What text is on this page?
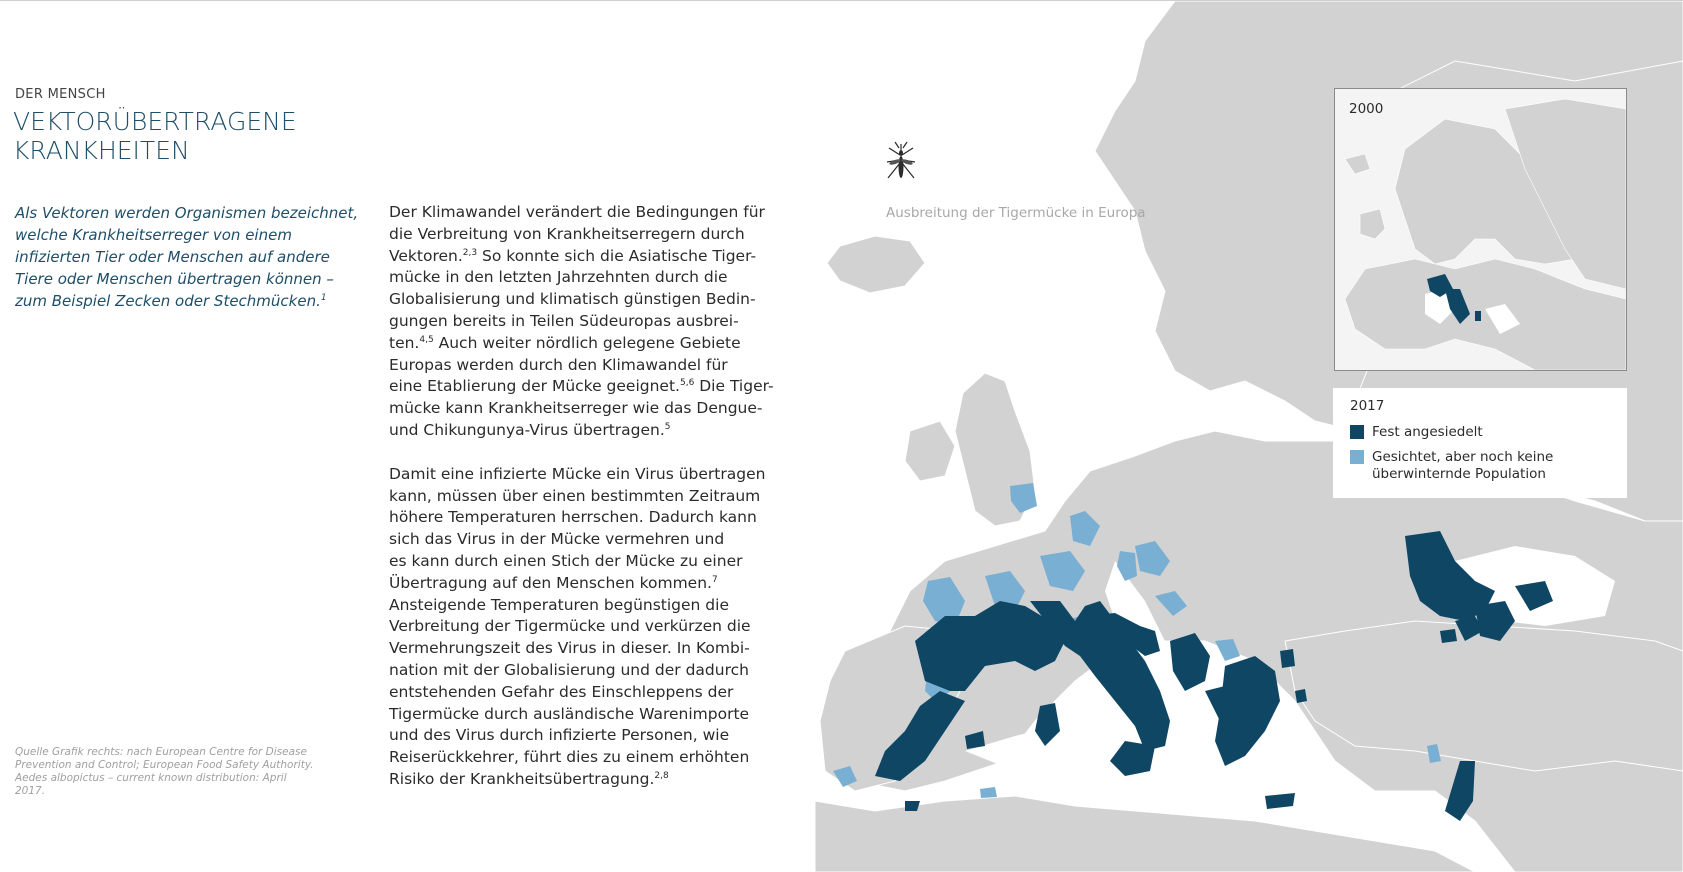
DER MENSCH
VEKTORÜBERTRAGENE
KRANKHEITEN
Als Vektoren werden Organismen bezeichnet, welche Krankheitserreger von einem infizierten Tier oder Menschen auf andere Tiere oder Menschen übertragen können – zum Beispiel Zecken oder Stechmücken.$^1$
Quelle Grafik rechts: nach European Centre for Disease
Prevention and Control; European Food Safety Authority.
Aedes albopictus – current known distribution: April 2017.

Der Klimawandel verändert die Bedingungen für
die Verbreitung von Krankheitserregern durch
Vektoren.$^{2,3}$ So konnte sich die Asiatische Tiger-
mücke in den letzten Jahrzehnten durch die
Globalisierung und klimatisch günstigen Bedin-
gungen bereits in Teilen Südeuropas ausbrei-
ten.$^{4,5}$ Auch weiter nördlich gelegene Gebiete
Europas werden durch den Klimawandel für
eine Etablierung der Mücke geeignet.$^{5,6}$ Die Tiger-
mücke kann Krankheitserreger wie das Dengue-
und Chikungunya-Virus übertragen.$^5$

Damit eine infizierte Mücke ein Virus übertragen
kann, müssen über einen bestimmten Zeitraum
höhere Temperaturen herrschen. Dadurch kann
sich das Virus in der Mücke vermehren und
es kann durch einen Stich der Mücke zu einer
Übertragung auf den Menschen kommen.$^7$
Ansteigende Temperaturen begünstigen die
Verbreitung der Tigermücke und verkürzen die
Vermehrungszeit des Virus in dieser. In Kombi-
nation mit der Globalisierung und der dadurch
entstehenden Gefahr des Einschleppens der
Tigermücke durch ausländische Warenimporte
und des Virus durch infizierte Personen, wie
Reiserückkehrer, führt dies zu einem erhöhten
Risiko der Krankheitsübertragung.$^{2,8}$

Ausbreitung der Tigermücke in Europa
2000
2017
Fest angesiedelt
Gesichtet, aber noch keine
überwinternde Population
